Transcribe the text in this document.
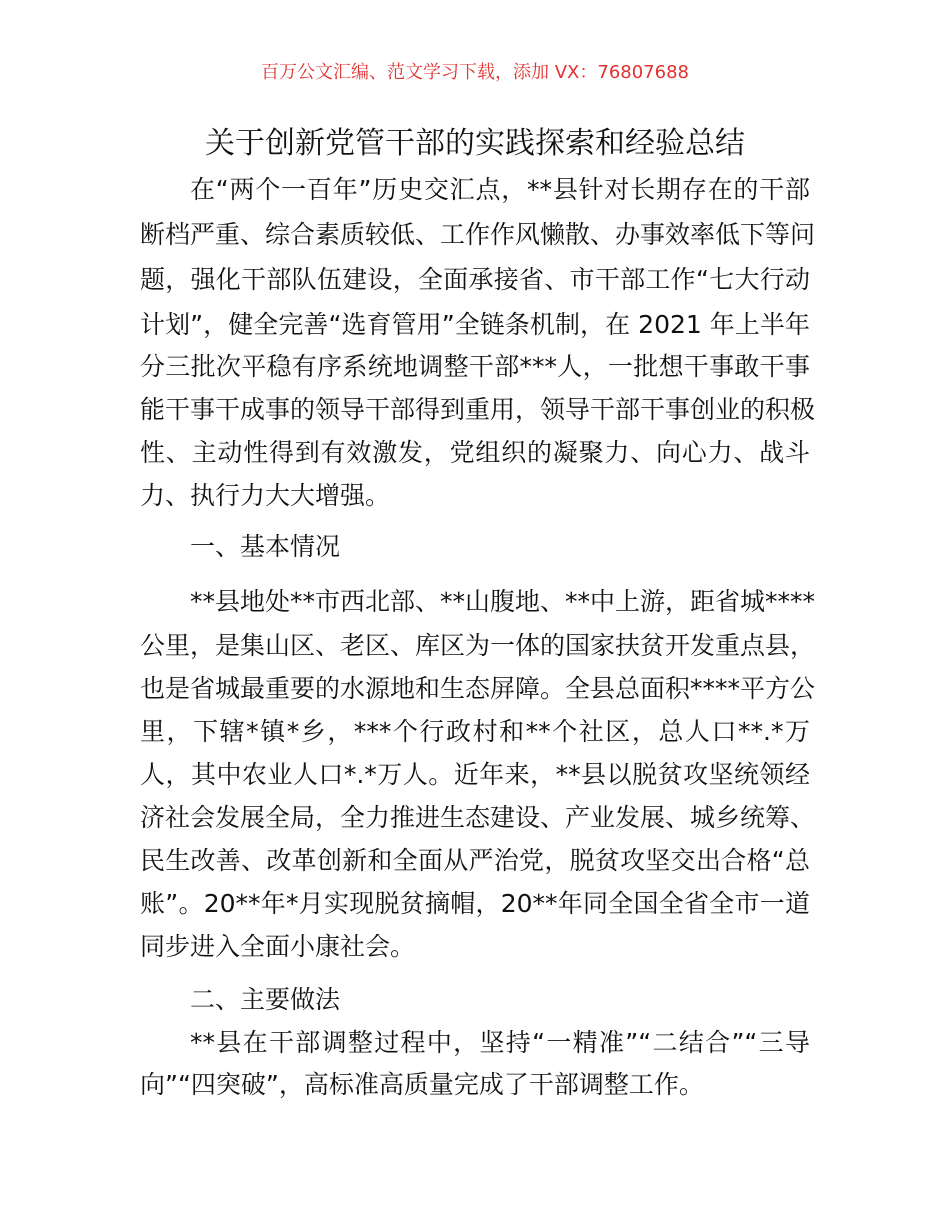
百万公文汇编、范文学习下载，添加 VX：76807688
关于创新党管干部的实践探索和经验总结
在“两个一百年”历史交汇点，**县针对长期存在的干部
断档严重、综合素质较低、工作作风懒散、办事效率低下等问
题，强化干部队伍建设，全面承接省、市干部工作“七大行动
计划”，健全完善“选育管用”全链条机制，在 2021 年上半年
分三批次平稳有序系统地调整干部***人，一批想干事敢干事
能干事干成事的领导干部得到重用，领导干部干事创业的积极
性、主动性得到有效激发，党组织的凝聚力、向心力、战斗
力、执行力大大增强。
一、基本情况
**县地处**市西北部、**山腹地、**中上游，距省城****
公里，是集山区、老区、库区为一体的国家扶贫开发重点县，
也是省城最重要的水源地和生态屏障。全县总面积****平方公
里，下辖*镇*乡，***个行政村和**个社区，总人口**.*万
人，其中农业人口*.*万人。近年来，**县以脱贫攻坚统领经
济社会发展全局，全力推进生态建设、产业发展、城乡统筹、
民生改善、改革创新和全面从严治党，脱贫攻坚交出合格“总
账”。20**年*月实现脱贫摘帽，20**年同全国全省全市一道
同步进入全面小康社会。
二、主要做法
**县在干部调整过程中，坚持“一精准”“二结合”“三导
向”“四突破”，高标准高质量完成了干部调整工作。
